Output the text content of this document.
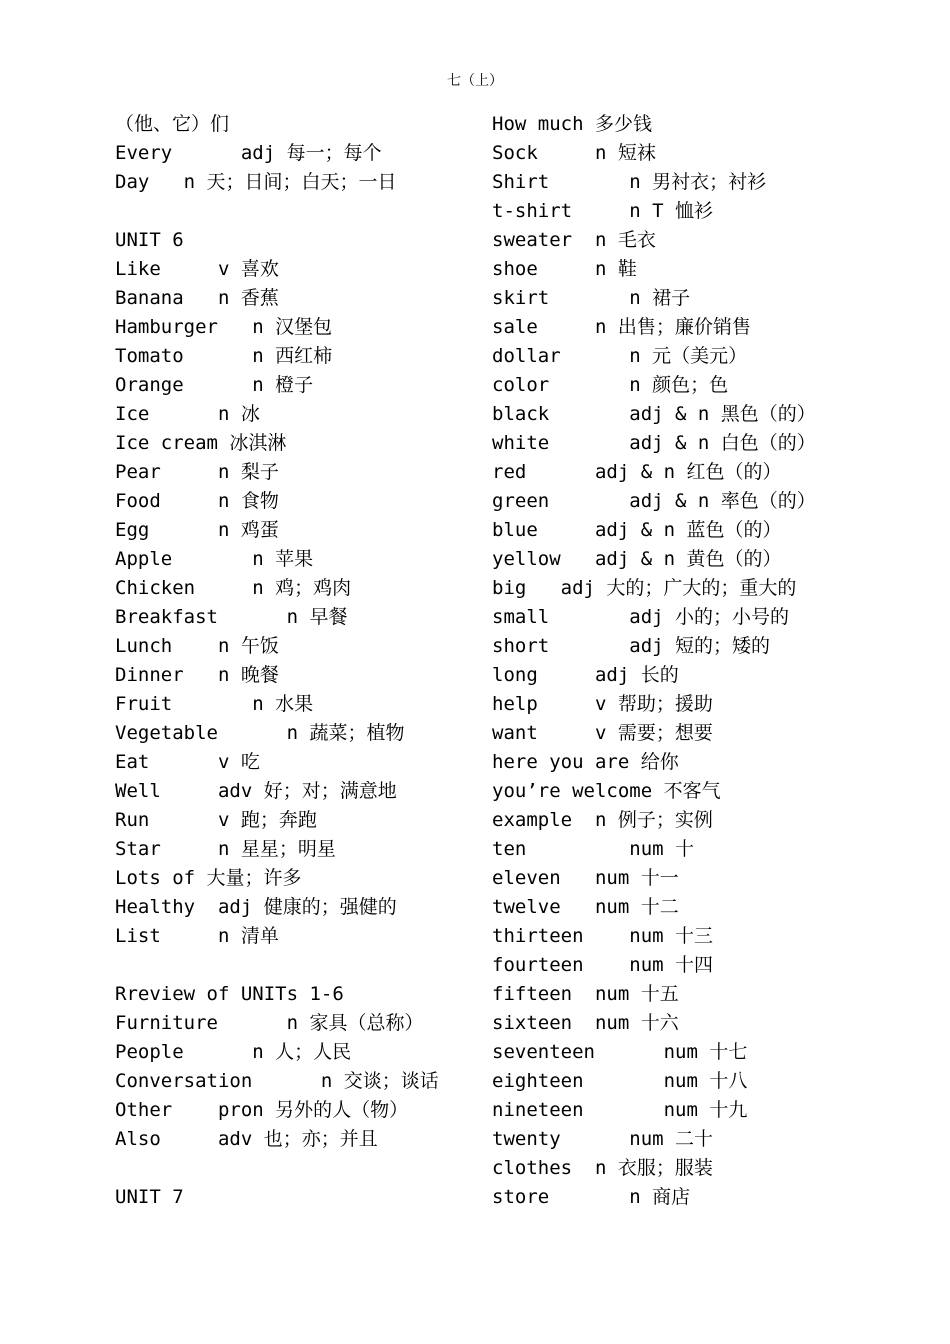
七（上）
（他、它）们
Every      adj 每一；每个
Day   n 天；日间；白天；一日
UNIT 6
Like     v 喜欢
Banana   n 香蕉
Hamburger   n 汉堡包
Tomato      n 西红柿
Orange      n 橙子
Ice      n 冰
Ice cream 冰淇淋
Pear     n 梨子
Food     n 食物
Egg      n 鸡蛋
Apple       n 苹果
Chicken     n 鸡；鸡肉
Breakfast      n 早餐
Lunch    n 午饭
Dinner   n 晚餐
Fruit       n 水果
Vegetable      n 蔬菜；植物
Eat      v 吃
Well     adv 好；对；满意地
Run      v 跑；奔跑
Star     n 星星；明星
Lots of 大量；许多
Healthy  adj 健康的；强健的
List     n 清单
Rreview of UNITs 1-6
Furniture      n 家具（总称）
People      n 人；人民
Conversation      n 交谈；谈话
Other    pron 另外的人（物）
Also     adv 也；亦；并且
UNIT 7
How much 多少钱
Sock     n 短袜
Shirt       n 男衬衣；衬衫
t-shirt     n T 恤衫
sweater  n 毛衣
shoe     n 鞋
skirt       n 裙子
sale     n 出售；廉价销售
dollar      n 元（美元）
color       n 颜色；色
black       adj & n 黑色（的）
white       adj & n 白色（的）
red      adj & n 红色（的）
green       adj & n 率色（的）
blue     adj & n 蓝色（的）
yellow   adj & n 黄色（的）
big   adj 大的；广大的；重大的
small       adj 小的；小号的
short       adj 短的；矮的
long     adj 长的
help     v 帮助；援助
want     v 需要；想要
here you are 给你
you’re welcome 不客气
example  n 例子；实例
ten         num 十
eleven   num 十一
twelve   num 十二
thirteen    num 十三
fourteen    num 十四
fifteen  num 十五
sixteen  num 十六
seventeen      num 十七
eighteen       num 十八
nineteen       num 十九
twenty      num 二十
clothes  n 衣服；服装
store       n 商店
